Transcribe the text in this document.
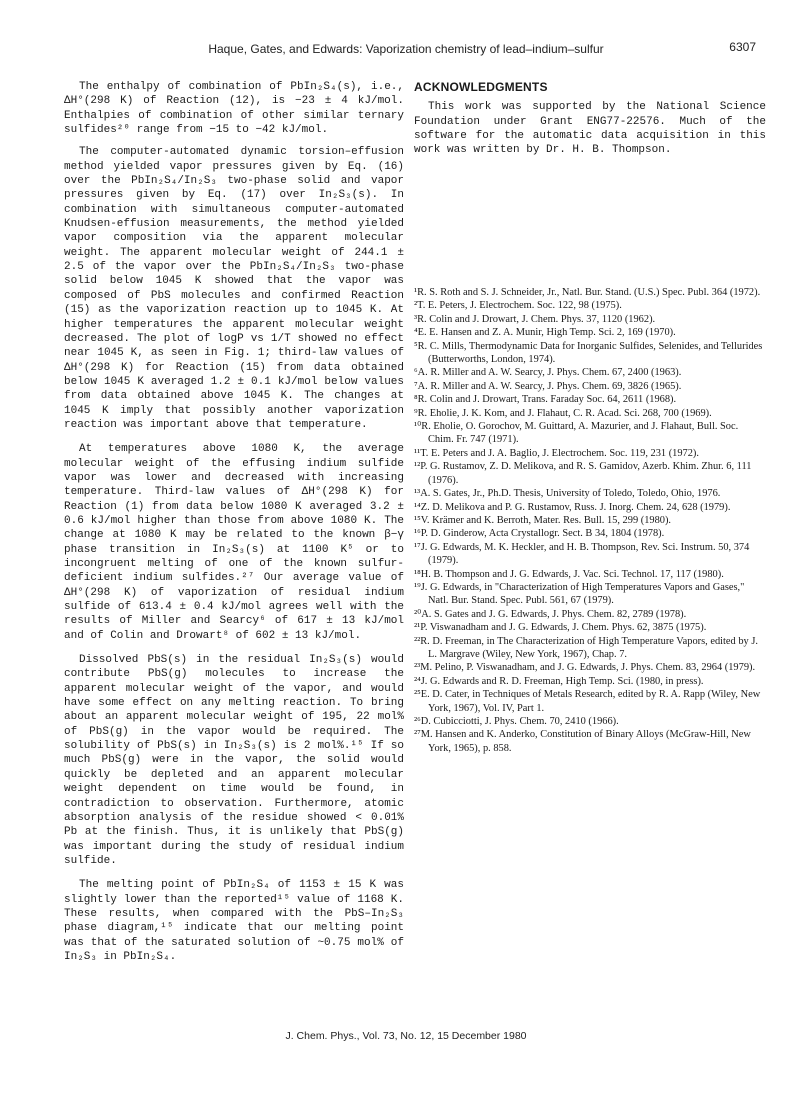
Haque, Gates, and Edwards: Vaporization chemistry of lead–indium–sulfur	6307

The enthalpy of combination of PbIn₂S₄(s), i.e., ΔH°(298 K) of Reaction (12), is −23 ± 4 kJ/mol. Enthalpies of combination of other similar ternary sulfides²⁰ range from −15 to −42 kJ/mol.

The computer-automated dynamic torsion–effusion method yielded vapor pressures given by Eq. (16) over the PbIn₂S₄/In₂S₃ two-phase solid and vapor pressures given by Eq. (17) over In₂S₃(s). In combination with simultaneous computer-automated Knudsen-effusion measurements, the method yielded vapor composition via the apparent molecular weight. The apparent molecular weight of 244.1 ± 2.5 of the vapor over the PbIn₂S₄/In₂S₃ two-phase solid below 1045 K showed that the vapor was composed of PbS molecules and confirmed Reaction (15) as the vaporization reaction up to 1045 K. At higher temperatures the apparent molecular weight decreased. The plot of logP vs 1/T showed no effect near 1045 K, as seen in Fig. 1; third-law values of ΔH°(298 K) for Reaction (15) from data obtained below 1045 K averaged 1.2 ± 0.1 kJ/mol below values from data obtained above 1045 K. The changes at 1045 K imply that possibly another vaporization reaction was important above that temperature.

At temperatures above 1080 K, the average molecular weight of the effusing indium sulfide vapor was lower and decreased with increasing temperature. Third-law values of ΔH°(298 K) for Reaction (1) from data below 1080 K averaged 3.2 ± 0.6 kJ/mol higher than those from above 1080 K. The change at 1080 K may be related to the known β−γ phase transition in In₂S₃(s) at 1100 K⁵ or to incongruent melting of one of the known sulfur-deficient indium sulfides.²⁷ Our average value of ΔH°(298 K) of vaporization of residual indium sulfide of 613.4 ± 0.4 kJ/mol agrees well with the results of Miller and Searcy⁶ of 617 ± 13 kJ/mol and of Colin and Drowart⁸ of 602 ± 13 kJ/mol.

Dissolved PbS(s) in the residual In₂S₃(s) would contribute PbS(g) molecules to increase the apparent molecular weight of the vapor, and would have some effect on any melting reaction. To bring about an apparent molecular weight of 195, 22 mol% of PbS(g) in the vapor would be required. The solubility of PbS(s) in In₂S₃(s) is 2 mol%.¹⁵ If so much PbS(g) were in the vapor, the solid would quickly be depleted and an apparent molecular weight dependent on time would be found, in contradiction to observation. Furthermore, atomic absorption analysis of the residue showed < 0.01% Pb at the finish. Thus, it is unlikely that PbS(g) was important during the study of residual indium sulfide.

The melting point of PbIn₂S₄ of 1153 ± 15 K was slightly lower than the reported¹⁵ value of 1168 K. These results, when compared with the PbS–In₂S₃ phase diagram,¹⁵ indicate that our melting point was that of the saturated solution of ~0.75 mol% of In₂S₃ in PbIn₂S₄.

ACKNOWLEDGMENTS

This work was supported by the National Science Foundation under Grant ENG77-22576. Much of the software for the automatic data acquisition in this work was written by Dr. H. B. Thompson.

¹R. S. Roth and S. J. Schneider, Jr., Natl. Bur. Stand. (U.S.) Spec. Publ. 364 (1972).

²T. E. Peters, J. Electrochem. Soc. 122, 98 (1975).

³R. Colin and J. Drowart, J. Chem. Phys. 37, 1120 (1962).

⁴E. E. Hansen and Z. A. Munir, High Temp. Sci. 2, 169 (1970).

⁵R. C. Mills, Thermodynamic Data for Inorganic Sulfides, Selenides, and Tellurides (Butterworths, London, 1974).

⁶A. R. Miller and A. W. Searcy, J. Phys. Chem. 67, 2400 (1963).

⁷A. R. Miller and A. W. Searcy, J. Phys. Chem. 69, 3826 (1965).

⁸R. Colin and J. Drowart, Trans. Faraday Soc. 64, 2611 (1968).

⁹R. Eholie, J. K. Kom, and J. Flahaut, C. R. Acad. Sci. 268, 700 (1969).

¹⁰R. Eholie, O. Gorochov, M. Guittard, A. Mazurier, and J. Flahaut, Bull. Soc. Chim. Fr. 747 (1971).

¹¹T. E. Peters and J. A. Baglio, J. Electrochem. Soc. 119, 231 (1972).

¹²P. G. Rustamov, Z. D. Melikova, and R. S. Gamidov, Azerb. Khim. Zhur. 6, 111 (1976).

¹³A. S. Gates, Jr., Ph.D. Thesis, University of Toledo, Toledo, Ohio, 1976.

¹⁴Z. D. Melikova and P. G. Rustamov, Russ. J. Inorg. Chem. 24, 628 (1979).

¹⁵V. Krämer and K. Berroth, Mater. Res. Bull. 15, 299 (1980).

¹⁶P. D. Ginderow, Acta Crystallogr. Sect. B 34, 1804 (1978).

¹⁷J. G. Edwards, M. K. Heckler, and H. B. Thompson, Rev. Sci. Instrum. 50, 374 (1979).

¹⁸H. B. Thompson and J. G. Edwards, J. Vac. Sci. Technol. 17, 117 (1980).

¹⁹J. G. Edwards, in "Characterization of High Temperatures Vapors and Gases," Natl. Bur. Stand. Spec. Publ. 561, 67 (1979).

²⁰A. S. Gates and J. G. Edwards, J. Phys. Chem. 82, 2789 (1978).

²¹P. Viswanadham and J. G. Edwards, J. Chem. Phys. 62, 3875 (1975).

²²R. D. Freeman, in The Characterization of High Temperature Vapors, edited by J. L. Margrave (Wiley, New York, 1967), Chap. 7.

²³M. Pelino, P. Viswanadham, and J. G. Edwards, J. Phys. Chem. 83, 2964 (1979).

²⁴J. G. Edwards and R. D. Freeman, High Temp. Sci. (1980, in press).

²⁵E. D. Cater, in Techniques of Metals Research, edited by R. A. Rapp (Wiley, New York, 1967), Vol. IV, Part 1.

²⁶D. Cubicciotti, J. Phys. Chem. 70, 2410 (1966).

²⁷M. Hansen and K. Anderko, Constitution of Binary Alloys (McGraw-Hill, New York, 1965), p. 858.

J. Chem. Phys., Vol. 73, No. 12, 15 December 1980
